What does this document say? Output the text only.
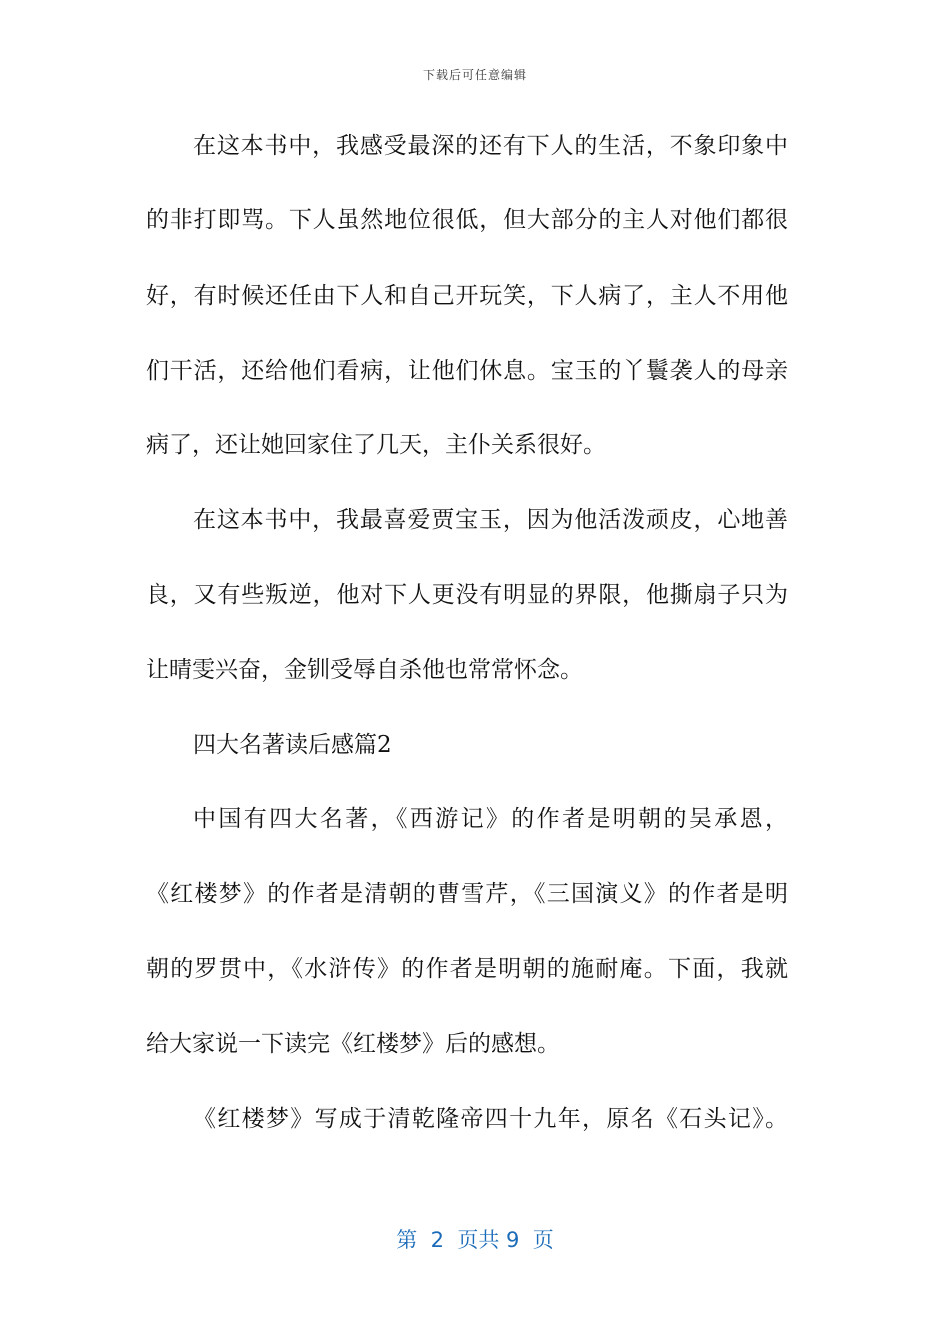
下载后可任意编辑
在这本书中，我感受最深的还有下人的生活，不象印象中
的非打即骂。下人虽然地位很低，但大部分的主人对他们都很
好，有时候还任由下人和自己开玩笑，下人病了，主人不用他
们干活，还给他们看病，让他们休息。宝玉的丫鬟袭人的母亲
病了，还让她回家住了几天，主仆关系很好。
在这本书中，我最喜爱贾宝玉，因为他活泼顽皮，心地善
良，又有些叛逆，他对下人更没有明显的界限，他撕扇子只为
让晴雯兴奋，金钏受辱自杀他也常常怀念。
四大名著读后感篇2
中国有四大名著，《西游记》的作者是明朝的吴承恩，
《红楼梦》的作者是清朝的曹雪芹，《三国演义》的作者是明
朝的罗贯中，《水浒传》的作者是明朝的施耐庵。下面，我就
给大家说一下读完《红楼梦》后的感想。
《红楼梦》写成于清乾隆帝四十九年，原名《石头记》。
第  2  页共 9  页
